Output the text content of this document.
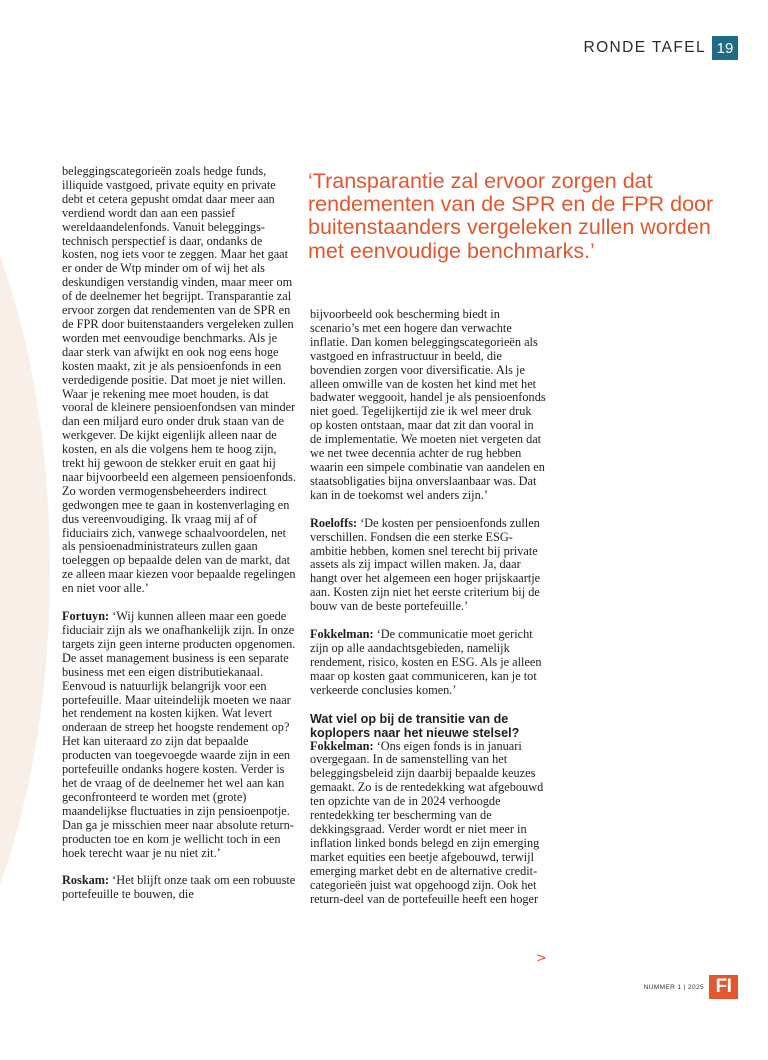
RONDE TAFEL 19

beleggingscategorieën zoals hedge funds, illiquide vastgoed, private equity en private debt et cetera gepusht omdat daar meer aan verdiend wordt dan aan een passief wereldaandelenfonds. Vanuit beleggingstechnisch perspectief is daar, ondanks de kosten, nog iets voor te zeggen. Maar het gaat er onder de Wtp minder om of wij het als deskundigen verstandig vinden, maar meer om of de deelnemer het begrijpt. Transparantie zal ervoor zorgen dat rendementen van de SPR en de FPR door buitenstaanders vergeleken zullen worden met eenvoudige benchmarks. Als je daar sterk van afwijkt en ook nog eens hoge kosten maakt, zit je als pensioenfonds in een verdedigende positie. Dat moet je niet willen. Waar je rekening mee moet houden, is dat vooral de kleinere pensioenfondsen van minder dan een miljard euro onder druk staan van de werkgever. De kijkt eigenlijk alleen naar de kosten, en als die volgens hem te hoog zijn, trekt hij gewoon de stekker eruit en gaat hij naar bijvoorbeeld een algemeen pensioenfonds. Zo worden vermogensbeheerders indirect gedwongen mee te gaan in kostenverlaging en dus vereenvoudiging. Ik vraag mij af of fiduciairs zich, vanwege schaalvoordelen, net als pensioenadministrateurs zullen gaan toeleggen op bepaalde delen van de markt, dat ze alleen maar kiezen voor bepaalde regelingen en niet voor alle.’

Fortuyn: ‘Wij kunnen alleen maar een goede fiduciair zijn als we onafhankelijk zijn. In onze targets zijn geen interne producten opgenomen. De asset management business is een separate business met een eigen distributiekanaal. Eenvoud is natuurlijk belangrijk voor een portefeuille. Maar uiteindelijk moeten we naar het rendement na kosten kijken. Wat levert onderaan de streep het hoogste rendement op? Het kan uiteraard zo zijn dat bepaalde producten van toegevoegde waarde zijn in een portefeuille ondanks hogere kosten. Verder is het de vraag of de deelnemer het wel aan kan geconfronteerd te worden met (grote) maandelijkse fluctuaties in zijn pensioenpotje. Dan ga je misschien meer naar absolute return-producten toe en kom je wellicht toch in een hoek terecht waar je nu niet zit.’

Roskam: ‘Het blijft onze taak om een robuuste portefeuille te bouwen, die

‘Transparantie zal ervoor zorgen dat rendementen van de SPR en de FPR door buitenstaanders vergeleken zullen worden met eenvoudige benchmarks.’

bijvoorbeeld ook bescherming biedt in scenario’s met een hogere dan verwachte inflatie. Dan komen beleggingscategorieën als vastgoed en infrastructuur in beeld, die bovendien zorgen voor diversificatie. Als je alleen omwille van de kosten het kind met het badwater weggooit, handel je als pensioenfonds niet goed. Tegelijkertijd zie ik wel meer druk op kosten ontstaan, maar dat zit dan vooral in de implementatie. We moeten niet vergeten dat we net twee decennia achter de rug hebben waarin een simpele combinatie van aandelen en staatsobligaties bijna onverslaanbaar was. Dat kan in de toekomst wel anders zijn.’

Roeloffs: ‘De kosten per pensioenfonds zullen verschillen. Fondsen die een sterke ESG-ambitie hebben, komen snel terecht bij private assets als zij impact willen maken. Ja, daar hangt over het algemeen een hoger prijskaartje aan. Kosten zijn niet het eerste criterium bij de bouw van de beste portefeuille.’

Fokkelman: ‘De communicatie moet gericht zijn op alle aandachtsgebieden, namelijk rendement, risico, kosten en ESG. Als je alleen maar op kosten gaat communiceren, kan je tot verkeerde conclusies komen.’

Wat viel op bij de transitie van de koplopers naar het nieuwe stelsel?

Fokkelman: ‘Ons eigen fonds is in januari overgegaan. In de samenstelling van het beleggingsbeleid zijn daarbij bepaalde keuzes gemaakt. Zo is de rentedekking wat afgebouwd ten opzichte van de in 2024 verhoogde rentedekking ter bescherming van de dekkingsgraad. Verder wordt er niet meer in inflation linked bonds belegd en zijn emerging market equities een beetje afgebouwd, terwijl emerging market debt en de alternative credit-categorieën juist wat opgehoogd zijn. Ook het return-deel van de portefeuille heeft een hoger

>
NUMMER 1 | 2025 FI
